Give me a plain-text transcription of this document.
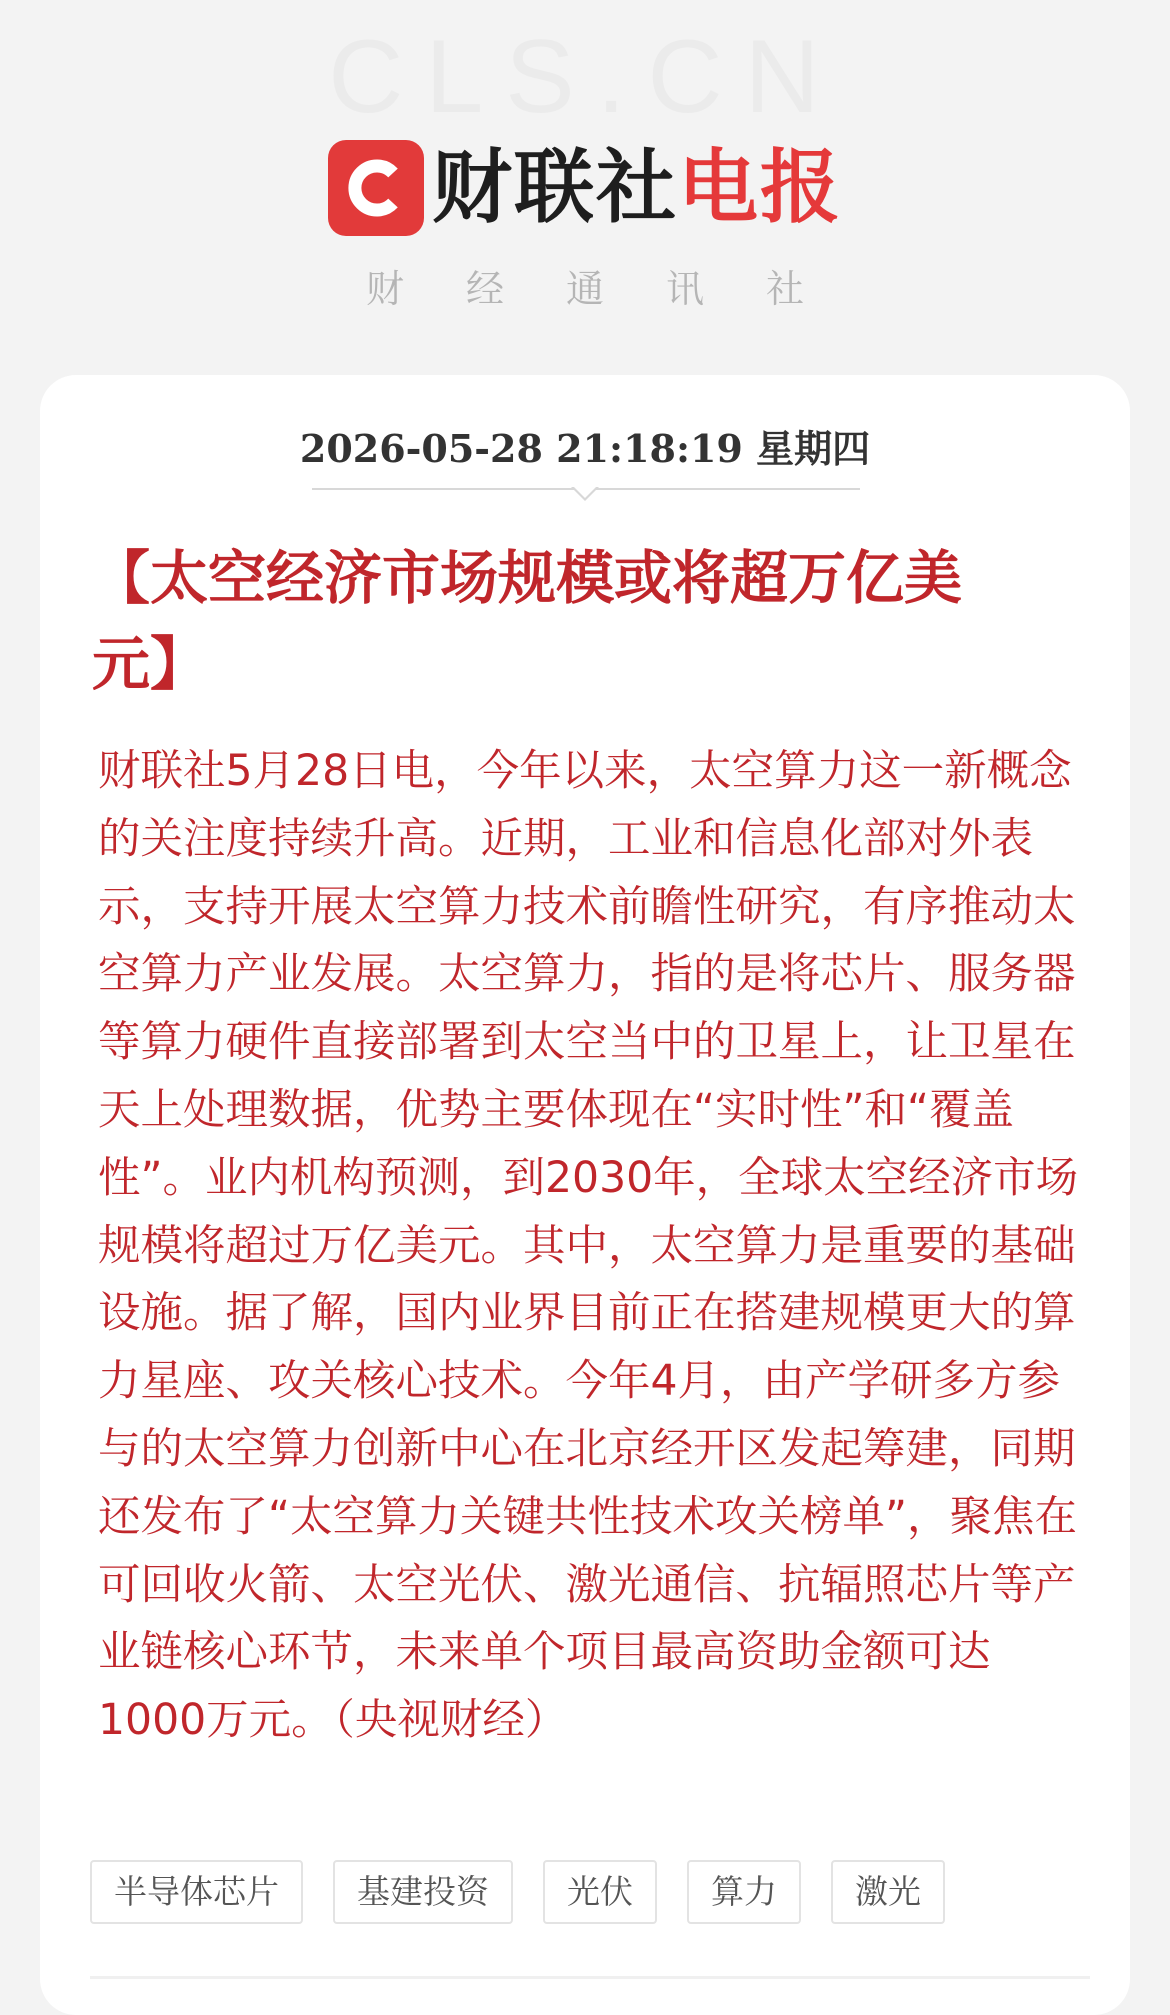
CLS.CN
财联社 电报
财经通讯社
2026-05-28 21:18:19 星期四
【太空经济市场规模或将超万亿美元】

财联社5月28日电，今年以来，太空算力这一新概念的关注度持续升高。近期，工业和信息化部对外表示，支持开展太空算力技术前瞻性研究，有序推动太空算力产业发展。太空算力，指的是将芯片、服务器等算力硬件直接部署到太空当中的卫星上，让卫星在天上处理数据，优势主要体现在“实时性”和“覆盖性”。业内机构预测，到2030年，全球太空经济市场规模将超过万亿美元。其中，太空算力是重要的基础设施。据了解，国内业界目前正在搭建规模更大的算力星座、攻关核心技术。今年4月，由产学研多方参与的太空算力创新中心在北京经开区发起筹建，同期还发布了“太空算力关键共性技术攻关榜单”，聚焦在可回收火箭、太空光伏、激光通信、抗辐照芯片等产业链核心环节，未来单个项目最高资助金额可达1000万元。（央视财经）

半导体芯片	基建投资	光伏	算力	激光
